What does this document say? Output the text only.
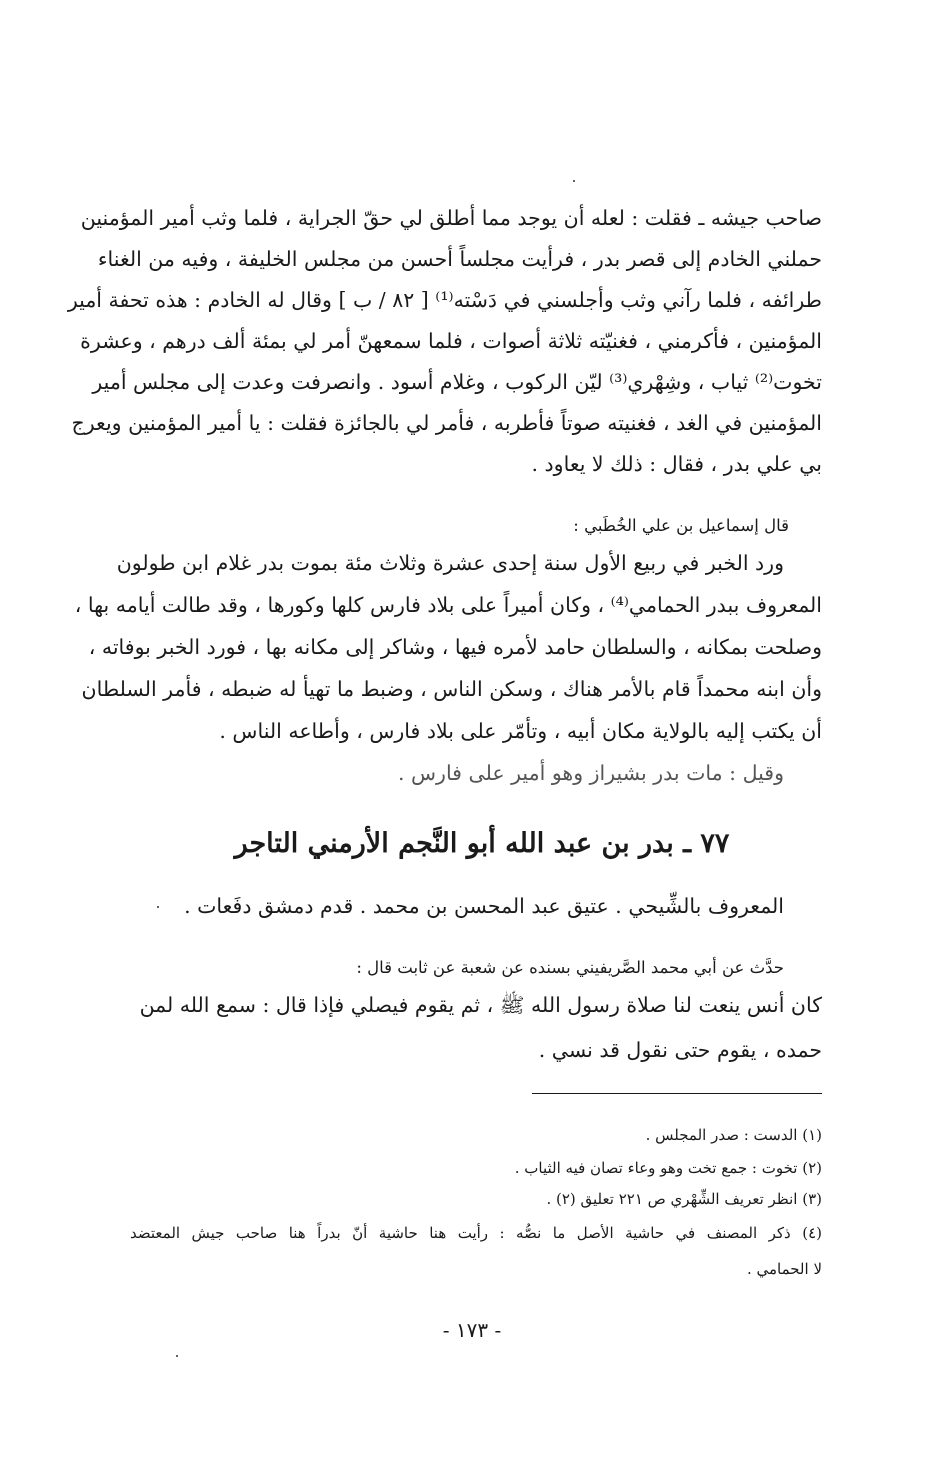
صاحب جيشه ـ فقلت : لعله أن يوجد مما أطلق لي حقّ الجراية ، فلما وثب أمير المؤمنين
حملني الخادم إلى قصر بدر ، فرأيت مجلساً أحسن من مجلس الخليفة ، وفيه من الغناء
طرائفه ، فلما رآني وثب وأجلسني في دَسْته⁽¹⁾ [ ٨٢ / ب ] وقال له الخادم : هذه تحفة أمير
المؤمنين ، فأكرمني ، فغنيّته ثلاثة أصوات ، فلما سمعهنّ أمر لي بمئة ألف درهم ، وعشرة
تخوت⁽²⁾ ثياب ، وشِهْري⁽³⁾ ليّن الركوب ، وغلام أسود . وانصرفت وعدت إلى مجلس أمير
المؤمنين في الغد ، فغنيته صوتاً فأطربه ، فأمر لي بالجائزة فقلت : يا أمير المؤمنين ويعرج
بي علي بدر ، فقال : ذلك لا يعاود .
قال إسماعيل بن علي الخُطَبي :
ورد الخبر في ربيع الأول سنة إحدى عشرة وثلاث مئة بموت بدر غلام ابن طولون
المعروف ببدر الحمامي⁽⁴⁾ ، وكان أميراً على بلاد فارس كلها وكورها ، وقد طالت أيامه بها ،
وصلحت بمكانه ، والسلطان حامد لأمره فيها ، وشاكر إلى مكانه بها ، فورد الخبر بوفاته ،
وأن ابنه محمداً قام بالأمر هناك ، وسكن الناس ، وضبط ما تهيأ له ضبطه ، فأمر السلطان
أن يكتب إليه بالولاية مكان أبيه ، وتأمّر على بلاد فارس ، وأطاعه الناس .
وقيل : مات بدر بشيراز وهو أمير على فارس .
٧٧ ـ بدر بن عبد الله أبو النَّجم الأرمني التاجر
المعروف بالشِّيحي . عتيق عبد المحسن بن محمد . قدم دمشق دفَعات .
حدَّث عن أبي محمد الصَّريفيني بسنده عن شعبة عن ثابت قال :
كان أنس ينعت لنا صلاة رسول الله ﷺ ، ثم يقوم فيصلي فإذا قال : سمع الله لمن
حمده ، يقوم حتى نقول قد نسي .
(١) الدست : صدر المجلس .
(٢) تخوت : جمع تخت وهو وعاء تصان فيه الثياب .
(٣) انظر تعريف الشِّهْري ص ٢٢١ تعليق (٢) .
(٤) ذكر المصنف في حاشية الأصل ما نصُّه : رأيت هنا حاشية أنّ بدراً هنا صاحب جيش المعتضد
لا الحمامي .
- ١٧٣ -
